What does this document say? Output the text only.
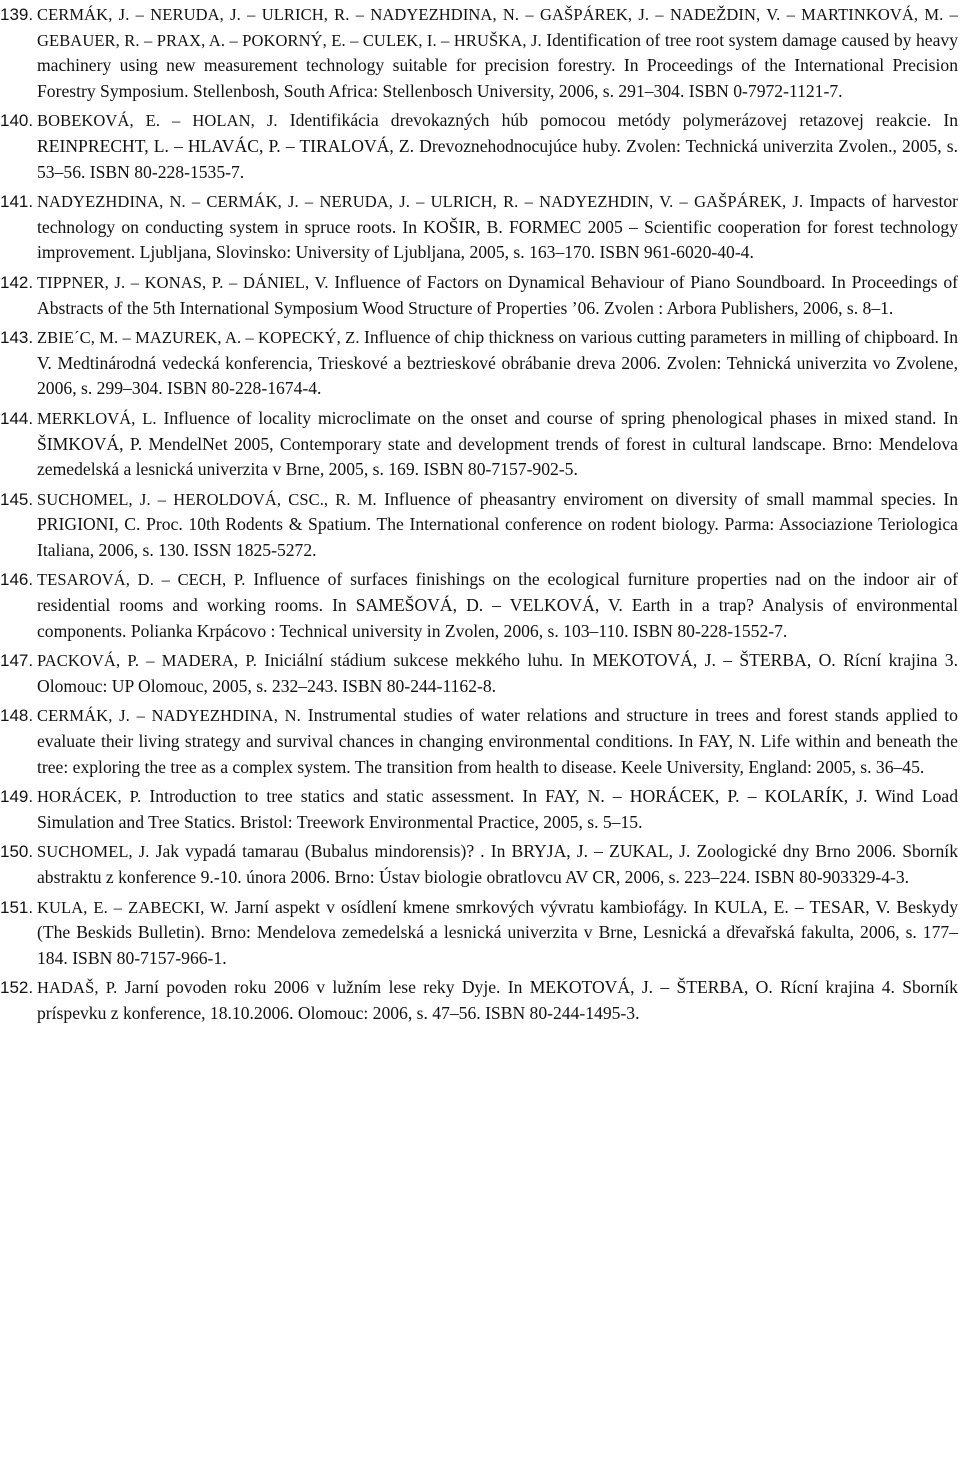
139. CERMÁK, J. – NERUDA, J. – ULRICH, R. – NADYEZHDINA, N. – GAŠPÁREK, J. – NADEŽDIN, V. – MARTINKOVÁ, M. – GEBAUER, R. – PRAX, A. – POKORNÝ, E. – CULEK, I. – HRUŠKA, J. Identification of tree root system damage caused by heavy machinery using new measurement technology suitable for precision forestry. In Proceedings of the International Precision Forestry Symposium. Stellenbosh, South Africa: Stellenbosch University, 2006, s. 291–304. ISBN 0-7972-1121-7.
140. BOBEKOVÁ, E. – HOLAN, J. Identifikácia drevokazných húb pomocou metódy polymerázovej retazovej reakcie. In REINPRECHT, L. – HLAVÁC, P. – TIRALOVÁ, Z. Drevoznehodnocujúce huby. Zvolen: Technická univerzita Zvolen., 2005, s. 53–56. ISBN 80-228-1535-7.
141. NADYEZHDINA, N. – CERMÁK, J. – NERUDA, J. – ULRICH, R. – NADYEZHDIN, V. – GAŠPÁREK, J. Impacts of harvestor technology on conducting system in spruce roots. In KOŠIR, B. FORMEC 2005 – Scientific cooperation for forest technology improvement. Ljubljana, Slovinsko: University of Ljubljana, 2005, s. 163–170. ISBN 961-6020-40-4.
142. TIPPNER, J. – KONAS, P. – DÁNIEL, V. Influence of Factors on Dynamical Behaviour of Piano Soundboard. In Proceedings of Abstracts of the 5th International Symposium Wood Structure of Properties ’06. Zvolen : Arbora Publishers, 2006, s. 8–1.
143. ZBIE´C, M. – MAZUREK, A. – KOPECKÝ, Z. Influence of chip thickness on various cutting parameters in milling of chipboard. In V. Medtinárodná vedecká konferencia, Trieskové a beztrieskové obrábanie dreva 2006. Zvolen: Tehnická univerzita vo Zvolene, 2006, s. 299–304. ISBN 80-228-1674-4.
144. MERKLOVÁ, L. Influence of locality microclimate on the onset and course of spring phenological phases in mixed stand. In ŠIMKOVÁ, P. MendelNet 2005, Contemporary state and development trends of forest in cultural landscape. Brno: Mendelova zemedelská a lesnická univerzita v Brne, 2005, s. 169. ISBN 80-7157-902-5.
145. SUCHOMEL, J. – HEROLDOVÁ, CSC., R. M. Influence of pheasantry enviroment on diversity of small mammal species. In PRIGIONI, C. Proc. 10th Rodents & Spatium. The International conference on rodent biology. Parma: Associazione Teriologica Italiana, 2006, s. 130. ISSN 1825-5272.
146. TESAROVÁ, D. – CECH, P. Influence of surfaces finishings on the ecological furniture properties nad on the indoor air of residential rooms and working rooms. In SAMEŠOVÁ, D. – VELKOVÁ, V. Earth in a trap? Analysis of environmental components. Polianka Krpácovo : Technical university in Zvolen, 2006, s. 103–110. ISBN 80-228-1552-7.
147. PACKOVÁ, P. – MADERA, P. Iniciální stádium sukcese mekkého luhu. In MEKOTOVÁ, J. – ŠTERBA, O. Rícní krajina 3. Olomouc: UP Olomouc, 2005, s. 232–243. ISBN 80-244-1162-8.
148. CERMÁK, J. – NADYEZHDINA, N. Instrumental studies of water relations and structure in trees and forest stands applied to evaluate their living strategy and survival chances in changing environmental conditions. In FAY, N. Life within and beneath the tree: exploring the tree as a complex system. The transition from health to disease. Keele University, England: 2005, s. 36–45.
149. HORÁCEK, P. Introduction to tree statics and static assessment. In FAY, N. – HORÁCEK, P. – KOLARÍK, J. Wind Load Simulation and Tree Statics. Bristol: Treework Environmental Practice, 2005, s. 5–15.
150. SUCHOMEL, J. Jak vypadá tamarau (Bubalus mindorensis)? . In BRYJA, J. – ZUKAL, J. Zoologické dny Brno 2006. Sborník abstraktu z konference 9.-10. února 2006. Brno: Ústav biologie obratlovcu AV CR, 2006, s. 223–224. ISBN 80-903329-4-3.
151. KULA, E. – ZABECKI, W. Jarní aspekt v osídlení kmene smrkových vývratu kambiofágy. In KULA, E. – TESAR, V. Beskydy (The Beskids Bulletin). Brno: Mendelova zemedelská a lesnická univerzita v Brne, Lesnická a dřevařská fakulta, 2006, s. 177–184. ISBN 80-7157-966-1.
152. HADAŠ, P. Jarní povoden roku 2006 v lužním lese reky Dyje. In MEKOTOVÁ, J. – ŠTERBA, O. Rícní krajina 4. Sborník príspevku z konference, 18.10.2006. Olomouc: 2006, s. 47–56. ISBN 80-244-1495-3.
